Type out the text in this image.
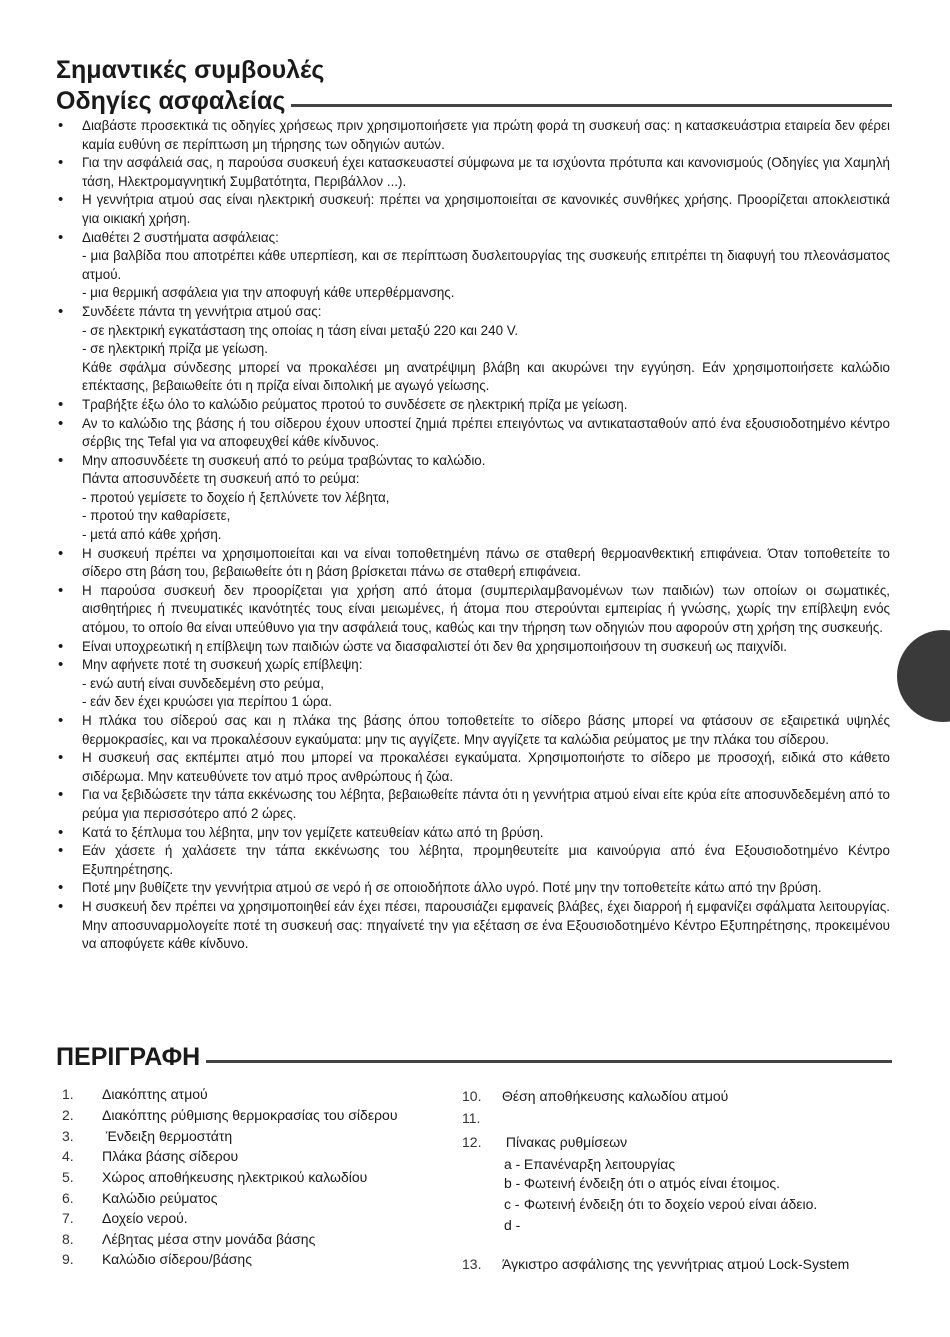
Σημαντικές συμβουλές
Οδηγίες ασφαλείας
• Διαβάστε προσεκτικά τις οδηγίες χρήσεως πριν χρησιμοποιήσετε για πρώτη φορά τη συσκευή σας: η κατασκευάστρια εταιρεία δεν φέρει καμία ευθύνη σε περίπτωση μη τήρησης των οδηγιών αυτών.
• Για την ασφάλειά σας, η παρούσα συσκευή έχει κατασκευαστεί σύμφωνα με τα ισχύοντα πρότυπα και κανονισμούς (Οδηγίες για Χαμηλή τάση, Ηλεκτρομαγνητική Συμβατότητα, Περιβάλλον ...).
• Η γεννήτρια ατμού σας είναι ηλεκτρική συσκευή: πρέπει να χρησιμοποιείται σε κανονικές συνθήκες χρήσης. Προορίζεται αποκλειστικά για οικιακή χρήση.
• Διαθέτει 2 συστήματα ασφάλειας:
- μια βαλβίδα που αποτρέπει κάθε υπερπίεση, και σε περίπτωση δυσλειτουργίας της συσκευής επιτρέπει τη διαφυγή του πλεονάσματος ατμού.
- μια θερμική ασφάλεια για την αποφυγή κάθε υπερθέρμανσης.
• Συνδέετε πάντα τη γεννήτρια ατμού σας:
- σε ηλεκτρική εγκατάσταση της οποίας η τάση είναι μεταξύ 220 και 240 V.
- σε ηλεκτρική πρίζα με γείωση.
Κάθε σφάλμα σύνδεσης μπορεί να προκαλέσει μη ανατρέψιμη βλάβη και ακυρώνει την εγγύηση. Εάν χρησιμοποιήσετε καλώδιο επέκτασης, βεβαιωθείτε ότι η πρίζα είναι διπολική με αγωγό γείωσης.
• Τραβήξτε έξω όλο το καλώδιο ρεύματος προτού το συνδέσετε σε ηλεκτρική πρίζα με γείωση.
• Αν το καλώδιο της βάσης ή του σίδερου έχουν υποστεί ζημιά πρέπει επειγόντως να αντικατασταθούν από ένα εξουσιοδοτημένο κέντρο σέρβις της Tefal για να αποφευχθεί κάθε κίνδυνος.
• Μην αποσυνδέετε τη συσκευή από το ρεύμα τραβώντας το καλώδιο.
Πάντα αποσυνδέετε τη συσκευή από το ρεύμα:
- προτού γεμίσετε το δοχείο ή ξεπλύνετε τον λέβητα,
- προτού την καθαρίσετε,
- μετά από κάθε χρήση.
• Η συσκευή πρέπει να χρησιμοποιείται και να είναι τοποθετημένη πάνω σε σταθερή θερμοανθεκτική επιφάνεια. Όταν τοποθετείτε το σίδερο στη βάση του, βεβαιωθείτε ότι η βάση βρίσκεται πάνω σε σταθερή επιφάνεια.
• Η παρούσα συσκευή δεν προορίζεται για χρήση από άτομα (συμπεριλαμβανομένων των παιδιών) των οποίων οι σωματικές, αισθητήριες ή πνευματικές ικανότητές τους είναι μειωμένες, ή άτομα που στερούνται εμπειρίας ή γνώσης, χωρίς την επίβλεψη ενός ατόμου, το οποίο θα είναι υπεύθυνο για την ασφάλειά τους, καθώς και την τήρηση των οδηγιών που αφορούν στη χρήση της συσκευής.
• Είναι υποχρεωτική η επίβλεψη των παιδιών ώστε να διασφαλιστεί ότι δεν θα χρησιμοποιήσουν τη συσκευή ως παιχνίδι.
• Μην αφήνετε ποτέ τη συσκευή χωρίς επίβλεψη:
- ενώ αυτή είναι συνδεδεμένη στο ρεύμα,
- εάν δεν έχει κρυώσει για περίπου 1 ώρα.
• Η πλάκα του σίδερού σας και η πλάκα της βάσης όπου τοποθετείτε το σίδερο βάσης μπορεί να φτάσουν σε εξαιρετικά υψηλές θερμοκρασίες, και να προκαλέσουν εγκαύματα: μην τις αγγίζετε. Μην αγγίζετε τα καλώδια ρεύματος με την πλάκα του σίδερου.
• Η συσκευή σας εκπέμπει ατμό που μπορεί να προκαλέσει εγκαύματα. Χρησιμοποιήστε το σίδερο με προσοχή, ειδικά στο κάθετο σιδέρωμα. Μην κατευθύνετε τον ατμό προς ανθρώπους ή ζώα.
• Για να ξεβιδώσετε την τάπα εκκένωσης του λέβητα, βεβαιωθείτε πάντα ότι η γεννήτρια ατμού είναι είτε κρύα είτε αποσυνδεδεμένη από το ρεύμα για περισσότερο από 2 ώρες.
• Κατά το ξέπλυμα του λέβητα, μην τον γεμίζετε κατευθείαν κάτω από τη βρύση.
• Εάν χάσετε ή χαλάσετε την τάπα εκκένωσης του λέβητα, προμηθευτείτε μια καινούργια από ένα Εξουσιοδοτημένο Κέντρο Εξυπηρέτησης.
• Ποτέ μην βυθίζετε την γεννήτρια ατμού σε νερό ή σε οποιοδήποτε άλλο υγρό. Ποτέ μην την τοποθετείτε κάτω από την βρύση.
• Η συσκευή δεν πρέπει να χρησιμοποιηθεί εάν έχει πέσει, παρουσιάζει εμφανείς βλάβες, έχει διαρροή ή εμφανίζει σφάλματα λειτουργίας. Μην αποσυναρμολογείτε ποτέ τη συσκευή σας: πηγαίνετέ την για εξέταση σε ένα Εξουσιοδοτημένο Κέντρο Εξυπηρέτησης, προκειμένου να αποφύγετε κάθε κίνδυνο.
ΠΕΡΙΓΡΑΦΗ
1. Διακόπτης ατμού
2. Διακόπτης ρύθμισης θερμοκρασίας του σίδερου
3. Ένδειξη θερμοστάτη
4. Πλάκα βάσης σίδερου
5. Χώρος αποθήκευσης ηλεκτρικού καλωδίου
6. Καλώδιο ρεύματος
7. Δοχείο νερού.
8. Λέβητας μέσα στην μονάδα βάσης
9. Καλώδιο σίδερου/βάσης
10. Θέση αποθήκευσης καλωδίου ατμού
11.
12. Πίνακας ρυθμίσεων
a - Επανέναρξη λειτουργίας
b - Φωτεινή ένδειξη ότι ο ατμός είναι έτοιμος.
c - Φωτεινή ένδειξη ότι το δοχείο νερού είναι άδειο.
d -
13. Άγκιστρο ασφάλισης της γεννήτριας ατμού Lock-System
